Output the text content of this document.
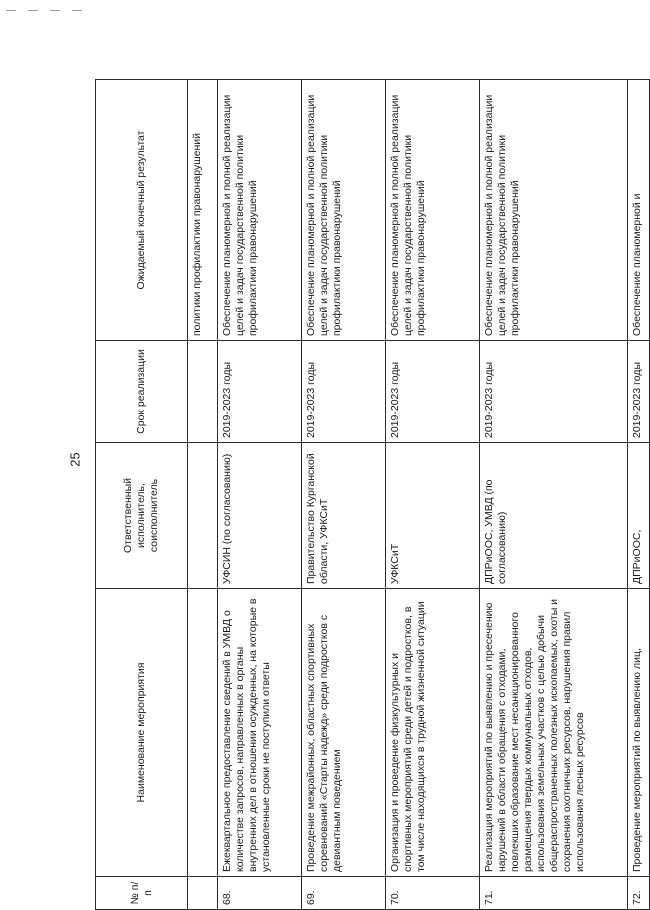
25
№ п/п	Наименование мероприятия	Ответственный исполнитель, соисполнитель	Срок реализации	Ожидаемый конечный результат
				политики профилактики правонарушений
68.	Ежеквартальное предоставление сведений в УМВД о количестве запросов, направленных в органы внутренних дел в отношении осужденных, на которые в установленные сроки не поступили ответы	УФСИН (по согласованию)	2019-2023 годы	Обеспечение планомерной и полной реализации целей и задач государственной политики профилактики правонарушений
69.	Проведение межрайонных, областных спортивных соревнований «Старты надежд» среди подростков с девиантным поведением	Правительство Курганской области, УФКСиТ	2019-2023 годы	Обеспечение планомерной и полной реализации целей и задач государственной политики профилактики правонарушений
70.	Организация и проведение физкультурных и спортивных мероприятий среди детей и подростков, в том числе находящихся в трудной жизненной ситуации	УФКСиТ	2019-2023 годы	Обеспечение планомерной и полной реализации целей и задач государственной политики профилактики правонарушений
71.	Реализация мероприятий по выявлению и пресечению нарушений в области обращения с отходами, повлекших образование мест несанкционированного размещения твердых коммунальных отходов, использования земельных участков с целью добычи общераспространенных полезных ископаемых, охоты и сохранения охотничьих ресурсов, нарушения правил использования лесных ресурсов	ДПРиООС, УМВД (по согласованию)	2019-2023 годы	Обеспечение планомерной и полной реализации целей и задач государственной политики профилактики правонарушений
72.	Проведение мероприятий по выявлению лиц,	ДПРиООС,	2019-2023 годы	Обеспечение планомерной и
